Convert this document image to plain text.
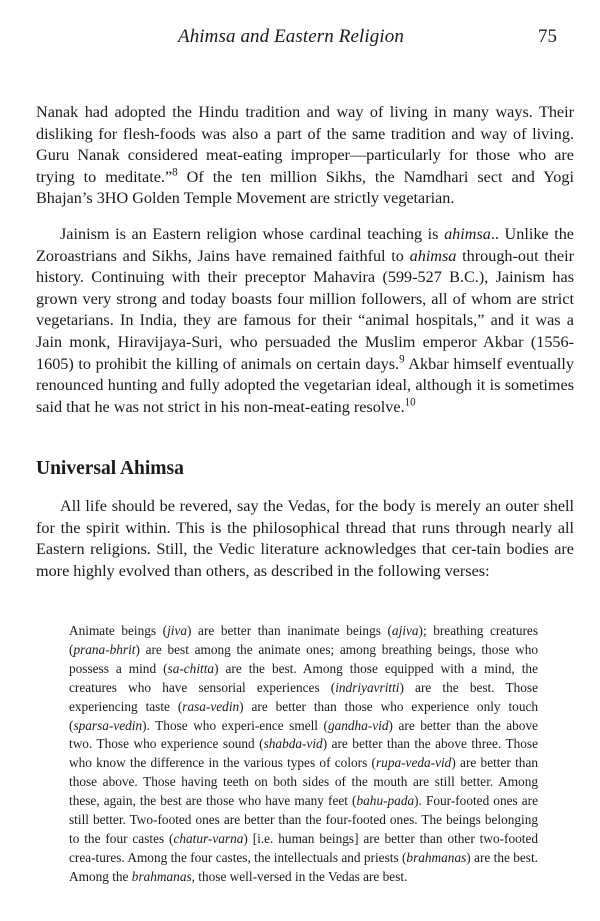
Ahimsa and Eastern Religion	75

Nanak had adopted the Hindu tradition and way of living in many ways. Their disliking for flesh-foods was also a part of the same tradition and way of living. Guru Nanak considered meat-eating improper—particularly for those who are trying to meditate.”$^8$ Of the ten million Sikhs, the Namdhari sect and Yogi Bhajan’s 3HO Golden Temple Movement are strictly vegetarian.

Jainism is an Eastern religion whose cardinal teaching is ahimsa.. Unlike the Zoroastrians and Sikhs, Jains have remained faithful to ahimsa through-out their history. Continuing with their preceptor Mahavira (599-527 B.C.), Jainism has grown very strong and today boasts four million followers, all of whom are strict vegetarians. In India, they are famous for their “animal hospitals,” and it was a Jain monk, Hiravijaya-Suri, who persuaded the Muslim emperor Akbar (1556-1605) to prohibit the killing of animals on certain days.$^9$ Akbar himself eventually renounced hunting and fully adopted the vegetarian ideal, although it is sometimes said that he was not strict in his non-meat-eating resolve.$^{10}$

Universal Ahimsa

All life should be revered, say the Vedas, for the body is merely an outer shell for the spirit within. This is the philosophical thread that runs through nearly all Eastern religions. Still, the Vedic literature acknowledges that cer-tain bodies are more highly evolved than others, as described in the following verses:

Animate beings (jiva) are better than inanimate beings (ajiva); breathing creatures (prana-bhrit) are best among the animate ones; among breathing beings, those who possess a mind (sa-chitta) are the best. Among those equipped with a mind, the creatures who have sensorial experiences (indriyavritti) are the best. Those experiencing taste (rasa-vedin) are better than those who experience only touch (sparsa-vedin). Those who experi-ence smell (gandha-vid) are better than the above two. Those who experience sound (shabda-vid) are better than the above three. Those who know the difference in the various types of colors (rupa-veda-vid) are better than those above. Those having teeth on both sides of the mouth are still better. Among these, again, the best are those who have many feet (bahu-pada). Four-footed ones are still better. Two-footed ones are better than the four-footed ones. The beings belonging to the four castes (chatur-varna) [i.e. human beings] are better than other two-footed crea-tures. Among the four castes, the intellectuals and priests (brahmanas) are the best. Among the brahmanas, those well-versed in the Vedas are best.
